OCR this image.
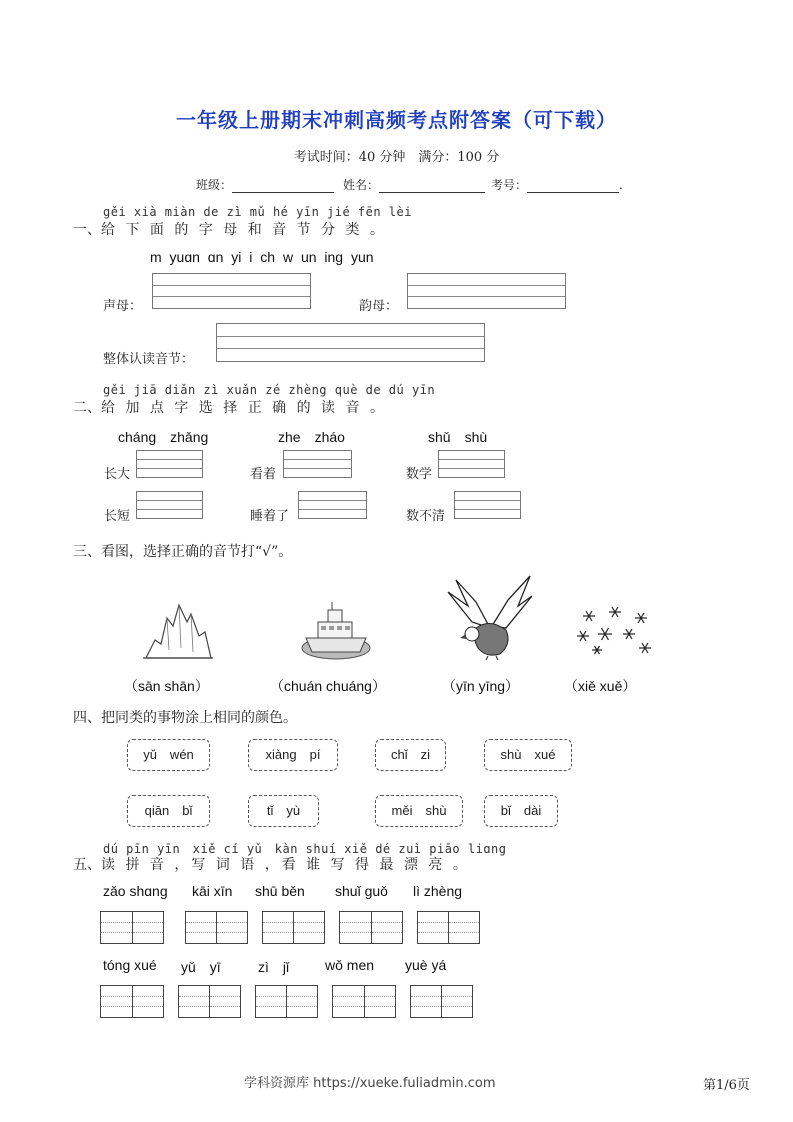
一年级上册期末冲刺高频考点附答案（可下载）
考试时间：40 分钟　满分：100 分
班级：	姓名：	考号：	.
gěi xià miàn de zì mǔ hé yīn jié fēn lèi
一、给 下 面 的 字 母 和 音 节 分 类 。
m yuɑn ɑn yi i ch w un ing yun
声母：	韵母：
整体认读音节：
gěi jiā diǎn zì xuǎn zé zhèng què de dú yīn
二、给 加 点 字 选 择 正 确 的 读 音 。
cháng　zhǎng	zhe　zháo	shǔ　shù
长大	看着	数学
长短	睡着了	数不清
三、看图，选择正确的音节打“√”。
（sān shān）	（chuán chuáng）	（yīn yīng）	（xiě xuě）
四、把同类的事物涂上相同的颜色。
yǔ　wén	xiàng　pí	chǐ　zi	shù　xué
qiān　bǐ	tǐ　yù	měi　shù	bǐ　dài
dú pīn yīn　xiě cí yǔ　kàn shuí xiě dé zuì piāo liɑng
五、读 拼 音 ，写 词 语 ，看 谁 写 得 最 漂 亮 。
zǎo shɑng kāi xīn shū běn shuǐ guǒ lì zhèng
tóng xué yǔ　yī	zì　jǐ	wǒ men yuè yá
学科资源库 https://xueke.fuliadmin.com	第1/6页
